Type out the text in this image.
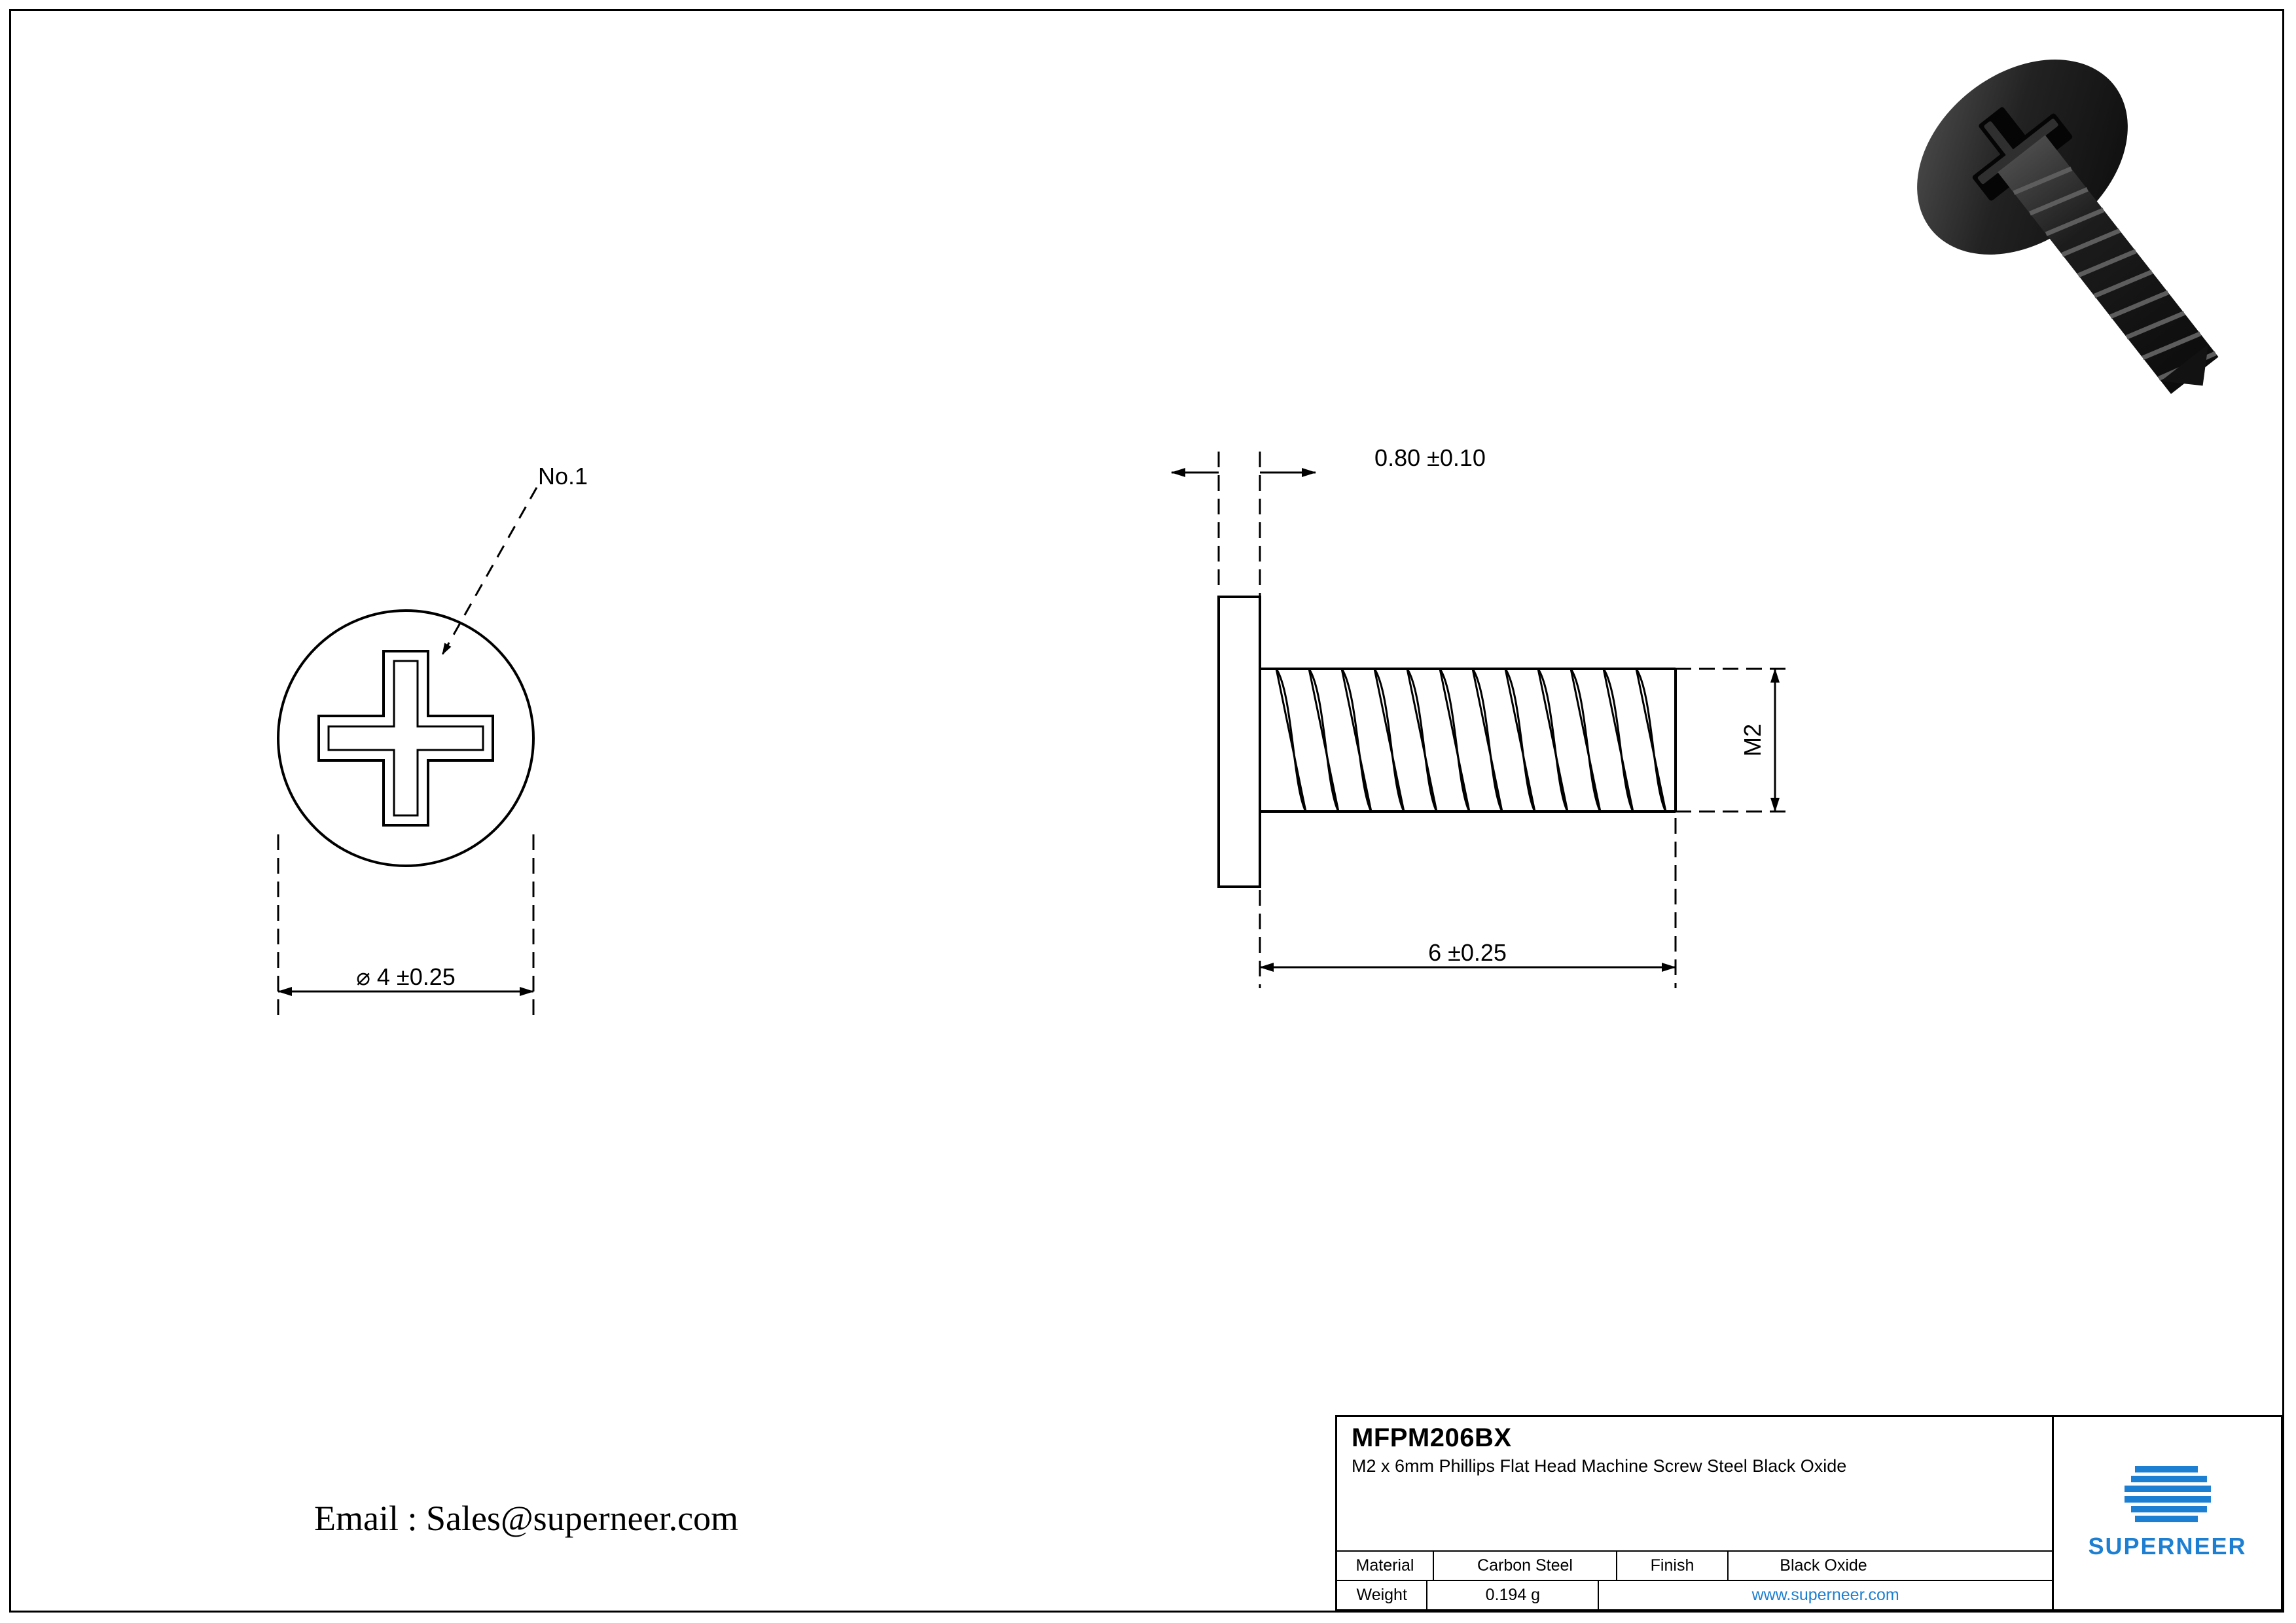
No.1
⌀ 4 ±0.25
0.80 ±0.10
M2
6 ±0.25
Email : Sales@superneer.com
MFPM206BX
M2 x 6mm Phillips Flat Head Machine Screw Steel Black Oxide
Material	Carbon Steel	Finish	Black Oxide
Weight	0.194 g	www.superneer.com
SUPERNEER
